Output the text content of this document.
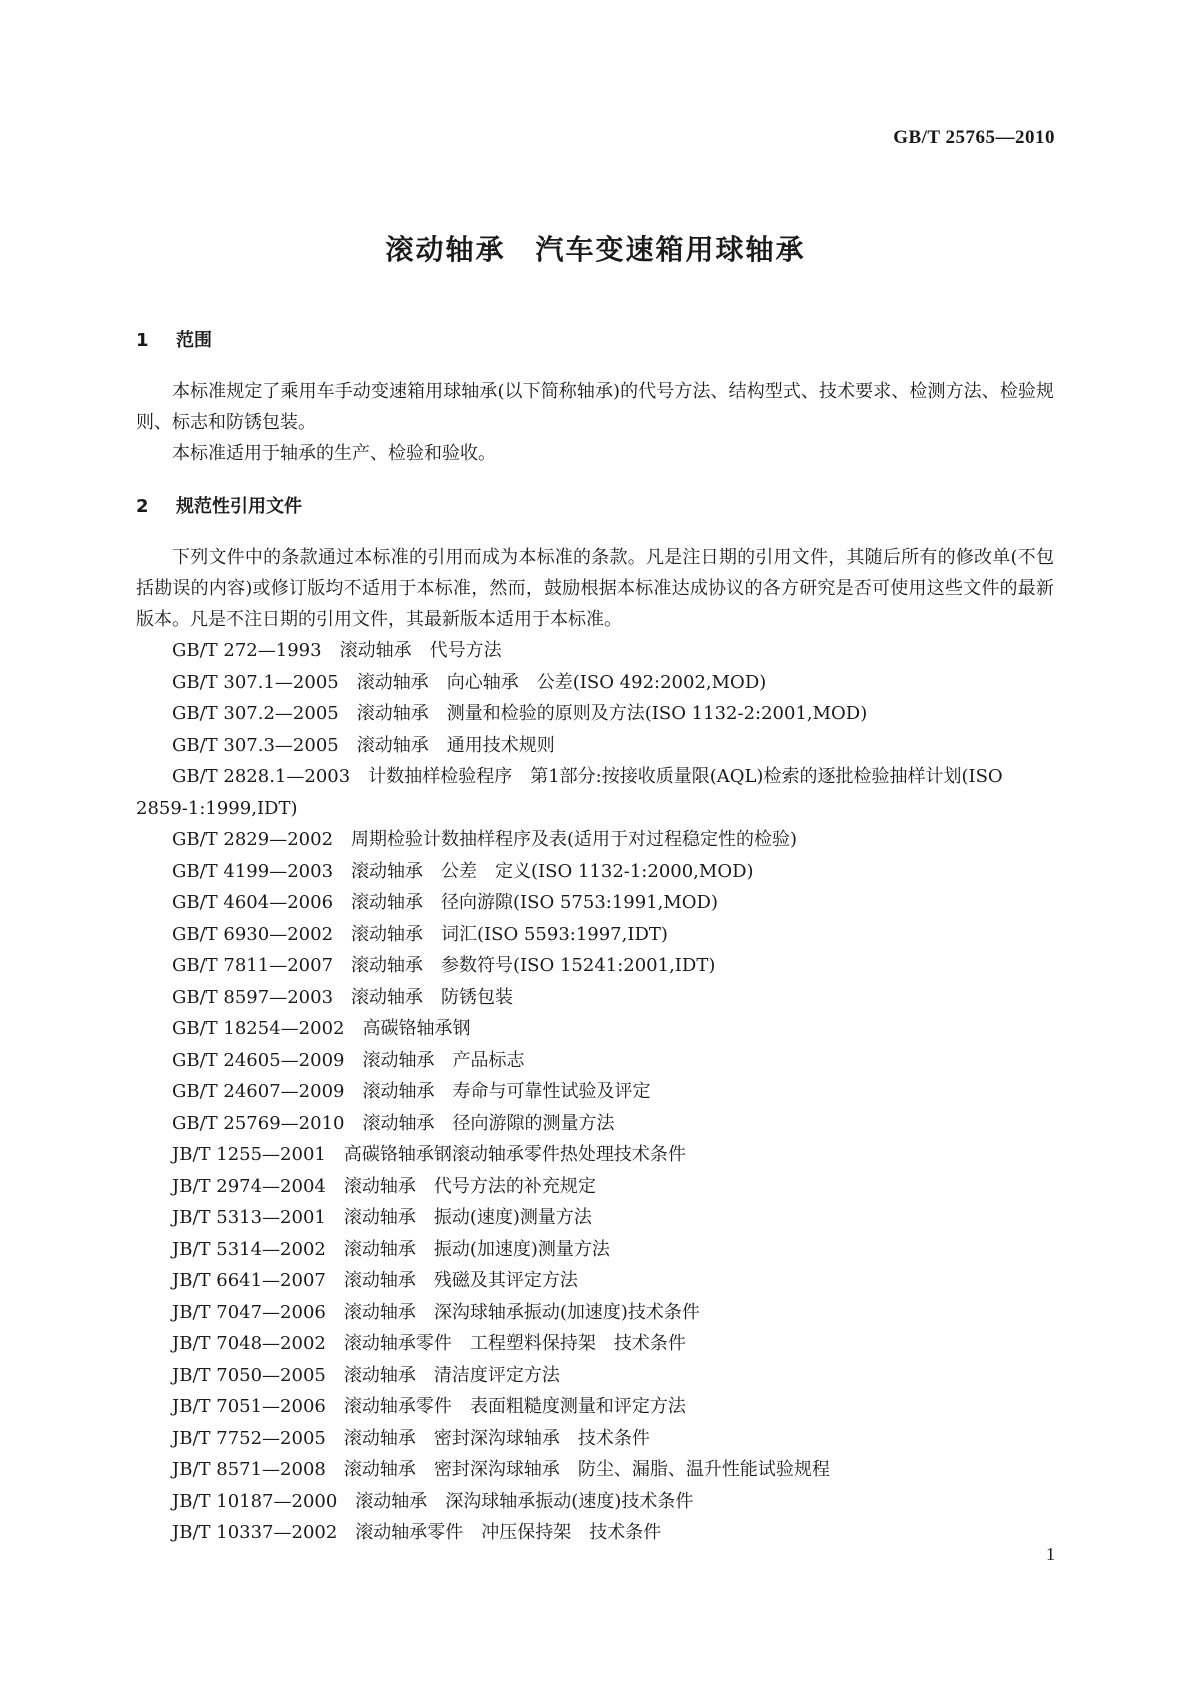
GB/T 25765—2010
滚动轴承　汽车变速箱用球轴承
1 范围

本标准规定了乘用车手动变速箱用球轴承(以下简称轴承)的代号方法、结构型式、技术要求、检测方法、检验规则、标志和防锈包装。

本标准适用于轴承的生产、检验和验收。

2 规范性引用文件

下列文件中的条款通过本标准的引用而成为本标准的条款。凡是注日期的引用文件，其随后所有的修改单(不包括勘误的内容)或修订版均不适用于本标准，然而，鼓励根据本标准达成协议的各方研究是否可使用这些文件的最新版本。凡是不注日期的引用文件，其最新版本适用于本标准。

GB/T 272—1993　滚动轴承　代号方法
GB/T 307.1—2005　滚动轴承　向心轴承　公差(ISO 492:2002,MOD)
GB/T 307.2—2005　滚动轴承　测量和检验的原则及方法(ISO 1132-2:2001,MOD)
GB/T 307.3—2005　滚动轴承　通用技术规则
GB/T 2828.1—2003　计数抽样检验程序　第1部分:按接收质量限(AQL)检索的逐批检验抽样计划(ISO 2859-1:1999,IDT)
GB/T 2829—2002　周期检验计数抽样程序及表(适用于对过程稳定性的检验)
GB/T 4199—2003　滚动轴承　公差　定义(ISO 1132-1:2000,MOD)
GB/T 4604—2006　滚动轴承　径向游隙(ISO 5753:1991,MOD)
GB/T 6930—2002　滚动轴承　词汇(ISO 5593:1997,IDT)
GB/T 7811—2007　滚动轴承　参数符号(ISO 15241:2001,IDT)
GB/T 8597—2003　滚动轴承　防锈包装
GB/T 18254—2002　高碳铬轴承钢
GB/T 24605—2009　滚动轴承　产品标志
GB/T 24607—2009　滚动轴承　寿命与可靠性试验及评定
GB/T 25769—2010　滚动轴承　径向游隙的测量方法
JB/T 1255—2001　高碳铬轴承钢滚动轴承零件热处理技术条件
JB/T 2974—2004　滚动轴承　代号方法的补充规定
JB/T 5313—2001　滚动轴承　振动(速度)测量方法
JB/T 5314—2002　滚动轴承　振动(加速度)测量方法
JB/T 6641—2007　滚动轴承　残磁及其评定方法
JB/T 7047—2006　滚动轴承　深沟球轴承振动(加速度)技术条件
JB/T 7048—2002　滚动轴承零件　工程塑料保持架　技术条件
JB/T 7050—2005　滚动轴承　清洁度评定方法
JB/T 7051—2006　滚动轴承零件　表面粗糙度测量和评定方法
JB/T 7752—2005　滚动轴承　密封深沟球轴承　技术条件
JB/T 8571—2008　滚动轴承　密封深沟球轴承　防尘、漏脂、温升性能试验规程
JB/T 10187—2000　滚动轴承　深沟球轴承振动(速度)技术条件
JB/T 10337—2002　滚动轴承零件　冲压保持架　技术条件
1
